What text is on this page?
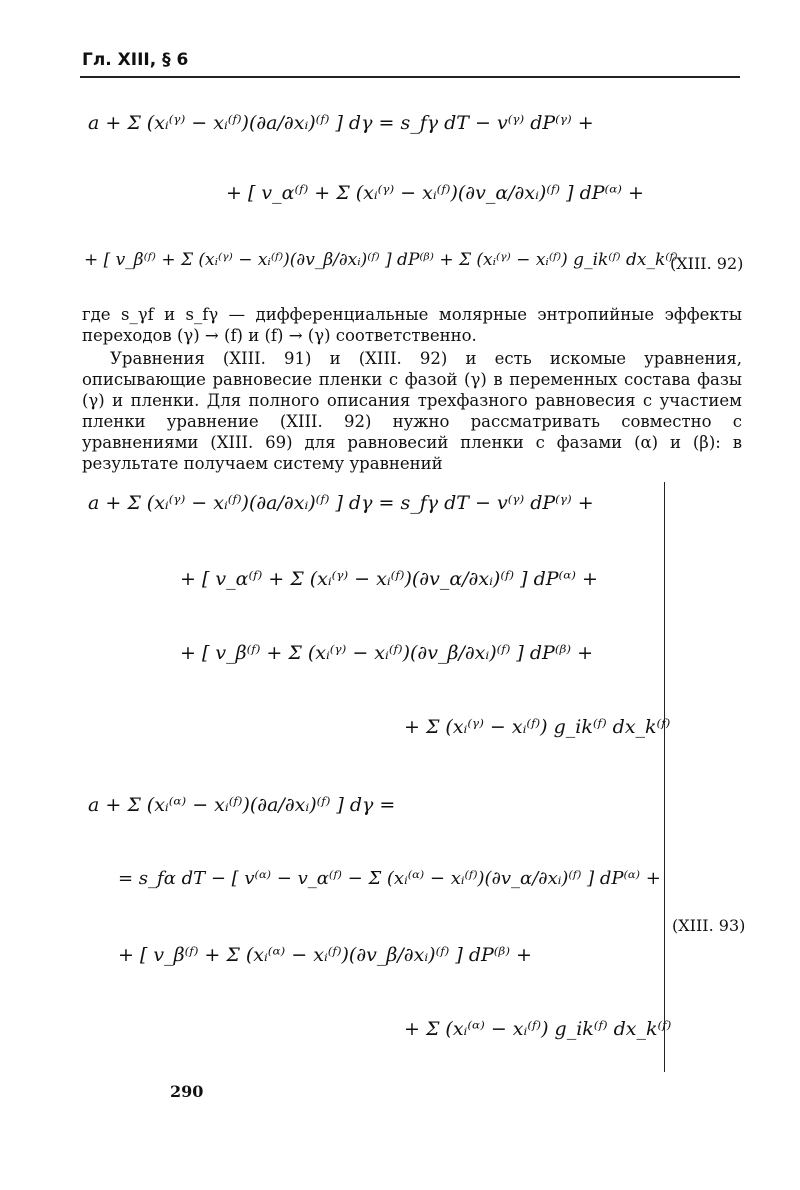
Гл. XIII, § 6
a + Σ (xᵢ⁽ᵞ⁾ − xᵢ⁽ᶠ⁾)(∂a/∂xᵢ)⁽ᶠ⁾ ] dγ = s_fγ dT − v⁽ᵞ⁾ dP⁽ᵞ⁾ +
+ [ v_α⁽ᶠ⁾ + Σ (xᵢ⁽ᵞ⁾ − xᵢ⁽ᶠ⁾)(∂v_α/∂xᵢ)⁽ᶠ⁾ ] dP⁽ᵅ⁾ +
+ [ v_β⁽ᶠ⁾ + Σ (xᵢ⁽ᵞ⁾ − xᵢ⁽ᶠ⁾)(∂v_β/∂xᵢ)⁽ᶠ⁾ ] dP⁽ᵝ⁾ + Σ (xᵢ⁽ᵞ⁾ − xᵢ⁽ᶠ⁾) g_ik⁽ᶠ⁾ dx_k⁽ᶠ⁾
(XIII. 92)
где s_γf и s_fγ — дифференциальные молярные энтропийные эффекты переходов (γ) → (f) и (f) → (γ) соответственно.
Уравнения (XIII. 91) и (XIII. 92) и есть искомые уравнения, описывающие равновесие пленки с фазой (γ) в переменных состава фазы (γ) и пленки. Для полного описания трехфазного равновесия с участием пленки уравнение (XIII. 92) нужно рассматривать совместно с уравнениями (XIII. 69) для равновесий пленки с фазами (α) и (β): в результате получаем систему уравнений
a + Σ (xᵢ⁽ᵞ⁾ − xᵢ⁽ᶠ⁾)(∂a/∂xᵢ)⁽ᶠ⁾ ] dγ = s_fγ dT − v⁽ᵞ⁾ dP⁽ᵞ⁾ +
+ [ v_α⁽ᶠ⁾ + Σ (xᵢ⁽ᵞ⁾ − xᵢ⁽ᶠ⁾)(∂v_α/∂xᵢ)⁽ᶠ⁾ ] dP⁽ᵅ⁾ +
+ [ v_β⁽ᶠ⁾ + Σ (xᵢ⁽ᵞ⁾ − xᵢ⁽ᶠ⁾)(∂v_β/∂xᵢ)⁽ᶠ⁾ ] dP⁽ᵝ⁾ +
+ Σ (xᵢ⁽ᵞ⁾ − xᵢ⁽ᶠ⁾) g_ik⁽ᶠ⁾ dx_k⁽ᶠ⁾
a + Σ (xᵢ⁽ᵅ⁾ − xᵢ⁽ᶠ⁾)(∂a/∂xᵢ)⁽ᶠ⁾ ] dγ =
= s_fα dT − [ v⁽ᵅ⁾ − v_α⁽ᶠ⁾ − Σ (xᵢ⁽ᵅ⁾ − xᵢ⁽ᶠ⁾)(∂v_α/∂xᵢ)⁽ᶠ⁾ ] dP⁽ᵅ⁾ +
+ [ v_β⁽ᶠ⁾ + Σ (xᵢ⁽ᵅ⁾ − xᵢ⁽ᶠ⁾)(∂v_β/∂xᵢ)⁽ᶠ⁾ ] dP⁽ᵝ⁾ +
+ Σ (xᵢ⁽ᵅ⁾ − xᵢ⁽ᶠ⁾) g_ik⁽ᶠ⁾ dx_k⁽ᶠ⁾
(XIII. 93)
290
